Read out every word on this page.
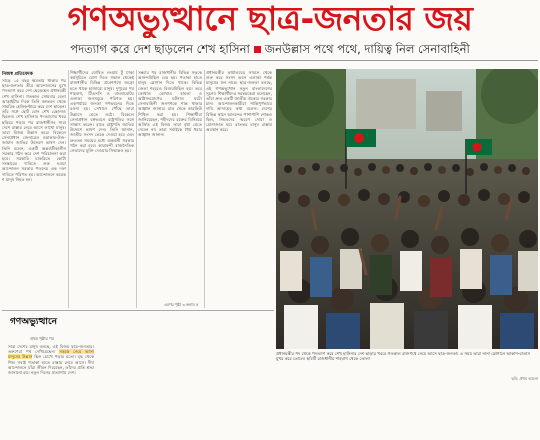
গণঅভ্যুত্থানে ছাত্র-জনতার জয়
পদত্যাগ করে দেশ ছাড়লেন শেখ হাসিনা জনউল্লাস পথে পথে, দায়িত্ব নিল সেনাবাহিনী
নিজস্ব প্রতিবেদক

সাড়ে ১৫ বছর ক্ষমতায় থাকার পর ছাত্র-জনতার তীব্র আন্দোলনের মুখে পদত্যাগ করে দেশ ছেড়েছেন প্রধানমন্ত্রী শেখ হাসিনা। গতকাল সোমবার বেলা আড়াইটার দিকে তিনি বঙ্গভবন থেকে সামরিক হেলিকপ্টারে করে দেশ ছাড়েন। তাঁর সঙ্গে ছোট বোন শেখ রেহানাও ছিলেন। শেখ হাসিনার পদত্যাগের খবর ছড়িয়ে পড়ার পর রাজধানীসহ সারা দেশে রাস্তায় নেমে আসে লাখো মানুষ। তারা বিজয় উল্লাস করে। বিকেলে সেনাপ্রধান জেনারেল ওয়াকার-উজ-জামান জাতির উদ্দেশে ভাষণ দেন। তিনি বলেন, একটি অন্তর্বর্তীকালীন সরকার গঠন করে দেশ পরিচালনা করা হবে। সরকারি চাকরিতে কোটা সংস্কারের দাবিতে শুরু হওয়া আন্দোলন সরকার পতনের এক দফা দাবিতে পরিণত হয়। আন্দোলনে কয়েক শ মানুষ নিহত হন।

শিক্ষার্থীদের ঘোষিত লংমার্চ টু ঢাকা কর্মসূচিতে যোগ দিতে সকাল থেকেই রাজধানীর বিভিন্ন প্রবেশপথে জড়ো হতে থাকে হাজারো মানুষ। দুপুরের পর শাহবাগ, টিএসসি ও বাংলামোটর এলাকা জনসমুদ্রে পরিণত হয়। একপর্যায়ে জনতা গণভবনের দিকে রওনা হয়। সেখানে পৌঁছে তারা উল্লাসে মেতে ওঠে। বিকেলে সেনাপ্রধান বঙ্গভবনে রাষ্ট্রপতির সঙ্গে সাক্ষাৎ করেন। রাতে রাষ্ট্রপতি জাতির উদ্দেশে ভাষণ দেন। তিনি জানান, জাতীয় সংসদ ভেঙে দেওয়া হবে এবং দ্রুততম সময়ের মধ্যে অন্তর্বর্তী সরকার গঠন করা হবে। কারাবন্দী রাজনৈতিক নেতাদের মুক্তি দেওয়ার সিদ্ধান্তও হয়।

সন্ধ্যার পর রাজধানীর বিভিন্ন সড়কে আনন্দমিছিল বের হয়। পতাকা হাতে মানুষ স্লোগান দিতে থাকে। বিভিন্ন জেলা শহরেও বিজয়মিছিল হয়। তবে কোথাও কোথাও হামলা ও অগ্নিসংযোগের ঘটনাও ঘটে। সেনাবাহিনী জনগণকে শান্ত থাকার আহ্বান জানায়। রাত থেকে কারফিউ শিথিল করা হয়। শিক্ষার্থীরা জানিয়েছেন, শহীদদের রক্তের বিনিময়ে অর্জিত এই বিজয় তারা বৃথা যেতে দেবেন না। তারা সবাইকে ধৈর্য ধরার আহ্বান জানান।

প্রধানমন্ত্রীর কার্যালয়ের সামনে থেকে শুরু করে সংসদ ভবন এলাকা পর্যন্ত মানুষের ঢল নামে। ছাত্র-জনতা বলছে, এই গণঅভ্যুত্থান নতুন বাংলাদেশের সূচনা। শিক্ষার্থীদের সমন্বয়কেরা বলেছেন, তাঁরা দ্রুত একটি জাতীয় ঐক্যের সরকার চান। আন্দোলনকারীরা শান্তিপূর্ণভাবে দাবি আদায়ের কথা বলেন। দেশের বিভিন্ন স্থানে আনন্দের পাশাপাশি শোকও ছিল, নিহতদের স্মরণে দোয়া ও মোনাজাত হয়। রাতভর মানুষ রাস্তায় অবস্থান করে।

এরপর পৃষ্ঠা ৩ কলাম ৫
প্রধানমন্ত্রীর পদ থেকে পদত্যাগ করে শেখ হাসিনার দেশ ছাড়ার খবরে গতকাল রাজপথে নেমে আসে ছাত্র-জনতা। এ সময় তারা নানা স্লোগানে আকাশ-বাতাস মুখর করে তোলে। ছবিটি রাজধানীর শাহবাগ থেকে তোলা
ছবি: প্রথম আলো
গণঅভ্যুত্থানে
প্রথম পৃষ্ঠার পর
সারা দেশের মানুষ বলছে, এই বিজয় ছাত্র-জনতার। তরুণেরা পথ দেখিয়েছেন। সড়কে নেমে আসা মানুষের উল্লাস ছিল চোখে পড়ার মতো। বৃদ্ধ থেকে শিশু সবাই পতাকা হাতে রাস্তায় নেমে আসে। দীর্ঘ আন্দোলনে যাঁরা জীবন দিয়েছেন, তাঁদের প্রতি শ্রদ্ধা জানানো হয়। নতুন দিনের প্রত্যাশায় দেশ।
